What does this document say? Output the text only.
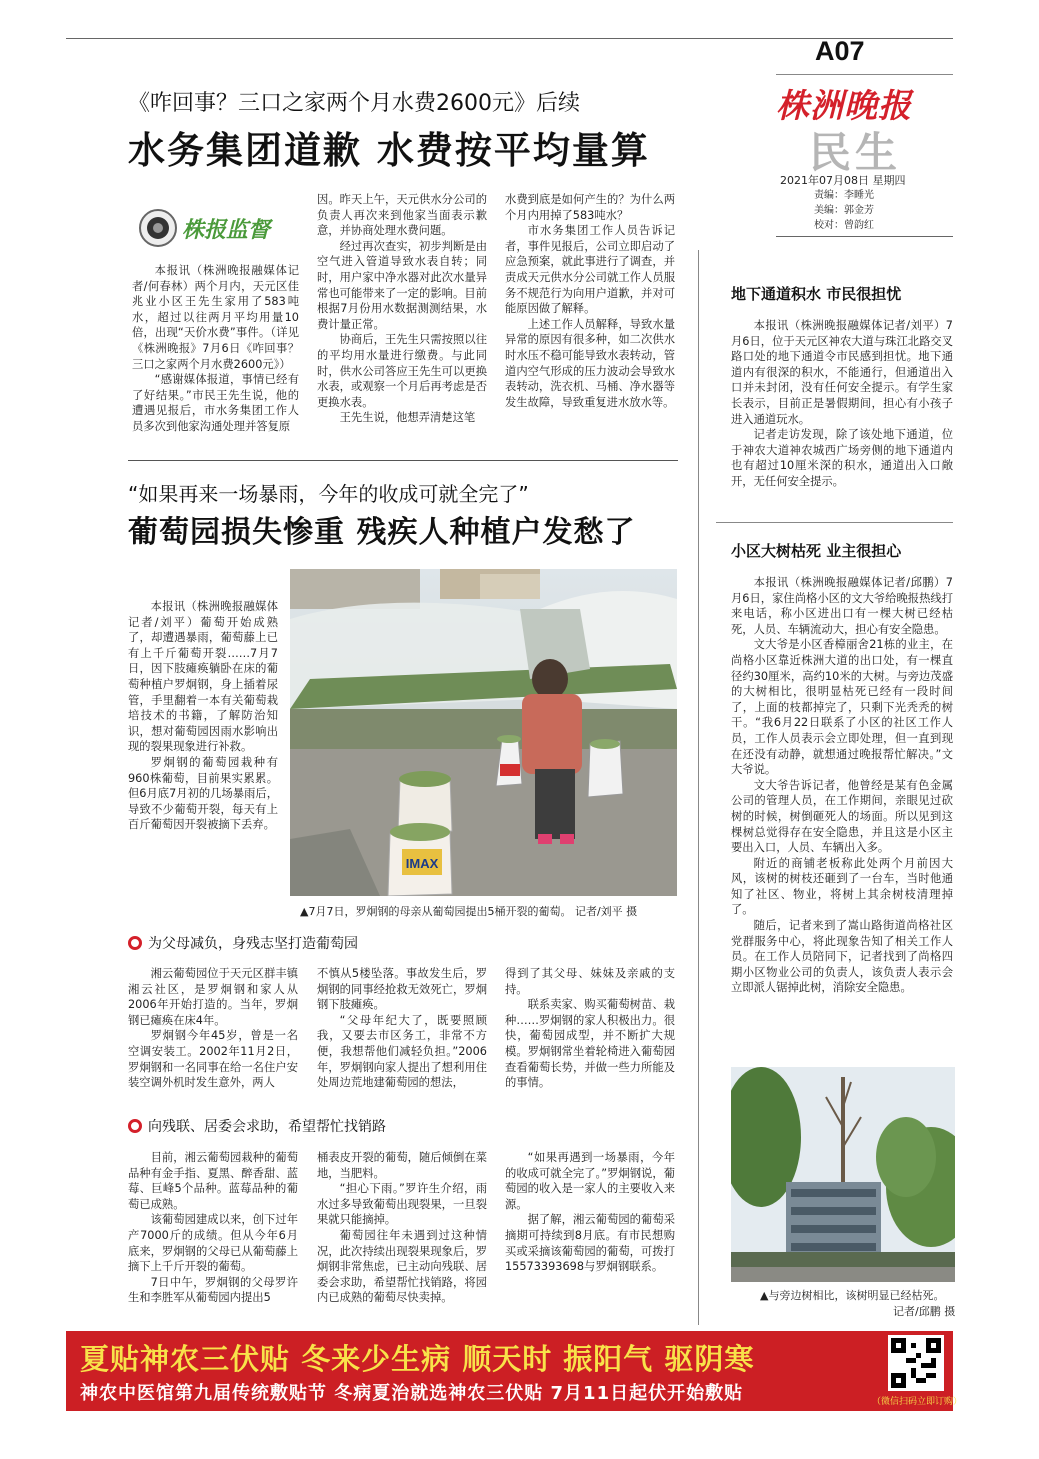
A07
株洲晚报
民生
2021年07月08日 星期四
责编：李睡光
美编：郭金芳
校对：曾韵红
《咋回事？三口之家两个月水费2600元》后续
水务集团道歉 水费按平均量算
株报监督

本报讯（株洲晚报融媒体记者/何春林）两个月内，天元区佳兆业小区王先生家用了583吨水，超过以往两月平均用量10倍，出现“天价水费”事件。（详见《株洲晚报》7月6日《咋回事？三口之家两个月水费2600元》）

“感谢媒体报道，事情已经有了好结果。”市民王先生说，他的遭遇见报后，市水务集团工作人员多次到他家沟通处理并答复原

因。昨天上午，天元供水分公司的负责人再次来到他家当面表示歉意，并协商处理水费问题。

经过再次查实，初步判断是由空气进入管道导致水表自转；同时，用户家中净水器对此次水量异常也可能带来了一定的影响。目前根据7月份用水数据测测结果，水费计量正常。

协商后，王先生只需按照以往的平均用水量进行缴费。与此同时，供水公司答应王先生可以更换水表，或观察一个月后再考虑是否更换水表。

王先生说，他想弄清楚这笔

水费到底是如何产生的？为什么两个月内用掉了583吨水？

市水务集团工作人员告诉记者，事件见报后，公司立即启动了应急预案，就此事进行了调查，并责成天元供水分公司就工作人员服务不规范行为向用户道歉，并对可能原因做了解释。

上述工作人员解释，导致水量异常的原因有很多种，如二次供水时水压不稳可能导致水表转动，管道内空气形成的压力波动会导致水表转动，洗衣机、马桶、净水器等发生故障，导致重复进水放水等。

“如果再来一场暴雨，今年的收成可就全完了”
葡萄园损失惨重 残疾人种植户发愁了

本报讯（株洲晚报融媒体记者/刘平）葡萄开始成熟了，却遭遇暴雨，葡萄藤上已有上千斤葡萄开裂……7月7日，因下肢瘫痪躺卧在床的葡萄种植户罗炯钢，身上插着尿管，手里翻着一本有关葡萄栽培技术的书籍，了解防治知识，想对葡萄园因雨水影响出现的裂果现象进行补救。

罗炯钢的葡萄园栽种有960株葡萄，目前果实累累。但6月底7月初的几场暴雨后，导致不少葡萄开裂，每天有上百斤葡萄因开裂被摘下丢弃。

IMAX
▲7月7日，罗炯钢的母亲从葡萄园提出5桶开裂的葡萄。 记者/刘平 摄
为父母减负，身残志坚打造葡萄园

湘云葡萄园位于天元区群丰镇湘云社区，是罗炯钢和家人从2006年开始打造的。当年，罗炯钢已瘫痪在床4年。

罗炯钢今年45岁，曾是一名空调安装工。2002年11月2日，罗炯钢和一名同事在给一名住户安装空调外机时发生意外，两人

不慎从5楼坠落。事故发生后，罗炯钢的同事经抢救无效死亡，罗炯钢下肢瘫痪。

“父母年纪大了，既要照顾我，又要去市区务工，非常不方便，我想帮他们减轻负担。”2006年，罗炯钢向家人提出了想利用住处周边荒地建葡萄园的想法，

得到了其父母、妹妹及亲戚的支持。

联系卖家、购买葡萄树苗、栽种……罗炯钢的家人积极出力。很快，葡萄园成型，并不断扩大规模。罗炯钢常坐着轮椅进入葡萄园查看葡萄长势，并做一些力所能及的事情。

向残联、居委会求助，希望帮忙找销路

目前，湘云葡萄园栽种的葡萄品种有金手指、夏黑、醉香甜、蓝莓、巨峰5个品种。蓝莓品种的葡萄已成熟。

该葡萄园建成以来，创下过年产7000斤的成绩。但从今年6月底来，罗炯钢的父母已从葡萄藤上摘下上千斤开裂的葡萄。

7日中午，罗炯钢的父母罗许生和李胜军从葡萄园内提出5

桶表皮开裂的葡萄，随后倾倒在菜地，当肥料。

“担心下雨。”罗许生介绍，雨水过多导致葡萄出现裂果，一旦裂果就只能摘掉。

葡萄园往年未遇到过这种情况，此次持续出现裂果现象后，罗炯钢非常焦虑，已主动向残联、居委会求助，希望帮忙找销路，将园内已成熟的葡萄尽快卖掉。

“如果再遇到一场暴雨，今年的收成可就全完了。”罗炯钢说，葡萄园的收入是一家人的主要收入来源。

据了解，湘云葡萄园的葡萄采摘期可持续到8月底。有市民想购买或采摘该葡萄园的葡萄，可拨打15573393698与罗炯钢联系。

地下通道积水 市民很担忧

本报讯（株洲晚报融媒体记者/刘平）7月6日，位于天元区神农大道与珠江北路交叉路口处的地下通道令市民感到担忧。地下通道内有很深的积水，不能通行，但通道出入口并未封闭，没有任何安全提示。有学生家长表示，目前正是暑假期间，担心有小孩子进入通道玩水。

记者走访发现，除了该处地下通道，位于神农大道神农城西广场旁侧的地下通道内也有超过10厘米深的积水，通道出入口敞开，无任何安全提示。

小区大树枯死 业主很担心

本报讯（株洲晚报融媒体记者/邱鹏）7月6日，家住尚格小区的文大爷给晚报热线打来电话，称小区进出口有一棵大树已经枯死，人员、车辆流动大，担心有安全隐患。

文大爷是小区香樟丽舍21栋的业主，在尚格小区靠近株洲大道的出口处，有一棵直径约30厘米，高约10米的大树。与旁边茂盛的大树相比，很明显枯死已经有一段时间了，上面的枝都掉完了，只剩下光秃秃的树干。“我6月22日联系了小区的社区工作人员，工作人员表示会立即处理，但一直到现在还没有动静，就想通过晚报帮忙解决。”文大爷说。

文大爷告诉记者，他曾经是某有色金属公司的管理人员，在工作期间，亲眼见过砍树的时候，树倒砸死人的场面。所以见到这棵树总觉得存在安全隐患，并且这是小区主要出入口，人员、车辆出入多。

附近的商铺老板称此处两个月前因大风，该树的树枝还砸到了一台车，当时他通知了社区、物业，将树上其余树枝清理掉了。

随后，记者来到了嵩山路街道尚格社区党群服务中心，将此现象告知了相关工作人员。在工作人员陪同下，记者找到了尚格四期小区物业公司的负责人，该负责人表示会立即派人锯掉此树，消除安全隐患。

▲与旁边树相比，该树明显已经枯死。
记者/邱鹏 摄
夏贴神农三伏贴 冬来少生病 顺天时 振阳气 驱阴寒
神农中医馆第九届传统敷贴节 冬病夏治就选神农三伏贴 7月11日起伏开始敷贴	（微信扫码立即订购）
